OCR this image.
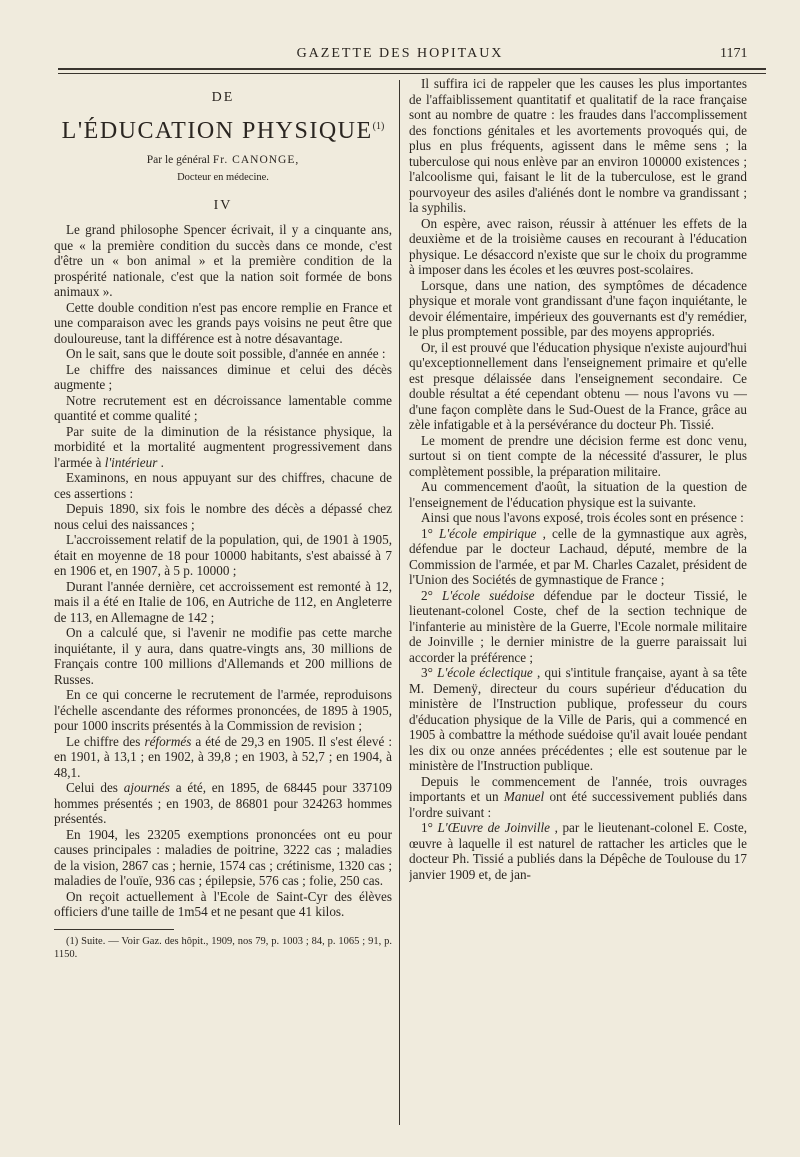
GAZETTE DES HOPITAUX	1171
DE
L'ÉDUCATION PHYSIQUE$^{(1)}$
Par le général Fr. CANONGE,
Docteur en médecine.
IV

Le grand philosophe Spencer écrivait, il y a cinquante ans, que « la première condition du succès dans ce monde, c'est d'être un « bon animal » et la première condition de la prospérité nationale, c'est que la nation soit formée de bons animaux ».

Cette double condition n'est pas encore remplie en France et une comparaison avec les grands pays voisins ne peut être que douloureuse, tant la différence est à notre désavantage.

On le sait, sans que le doute soit possible, d'année en année :

Le chiffre des naissances diminue et celui des décès augmente ;

Notre recrutement est en décroissance lamentable comme quantité et comme qualité ;

Par suite de la diminution de la résistance physique, la morbidité et la mortalité augmentent progressivement dans l'armée à l'intérieur .

Examinons, en nous appuyant sur des chiffres, chacune de ces assertions :

Depuis 1890, six fois le nombre des décès a dépassé chez nous celui des naissances ;

L'accroissement relatif de la population, qui, de 1901 à 1905, était en moyenne de 18 pour 10000 habitants, s'est abaissé à 7 en 1906 et, en 1907, à 5 p. 10000 ;

Durant l'année dernière, cet accroissement est remonté à 12, mais il a été en Italie de 106, en Autriche de 112, en Angleterre de 113, en Allemagne de 142 ;

On a calculé que, si l'avenir ne modifie pas cette marche inquiétante, il y aura, dans quatre-vingts ans, 30 millions de Français contre 100 millions d'Allemands et 200 millions de Russes.

En ce qui concerne le recrutement de l'armée, reproduisons l'échelle ascendante des réformes prononcées, de 1895 à 1905, pour 1000 inscrits présentés à la Commission de revision ;

Le chiffre des réformés a été de 29,3 en 1905. Il s'est élevé : en 1901, à 13,1 ; en 1902, à 39,8 ; en 1903, à 52,7 ; en 1904, à 48,1.

Celui des ajournés a été, en 1895, de 68445 pour 337109 hommes présentés ; en 1903, de 86801 pour 324263 hommes présentés.

En 1904, les 23205 exemptions prononcées ont eu pour causes principales : maladies de poitrine, 3222 cas ; maladies de la vision, 2867 cas ; hernie, 1574 cas ; crétinisme, 1320 cas ; maladies de l'ouïe, 936 cas ; épilepsie, 576 cas ; folie, 250 cas.

On reçoit actuellement à l'Ecole de Saint-Cyr des élèves officiers d'une taille de 1m54 et ne pesant que 41 kilos.

(1) Suite. — Voir Gaz. des hôpit., 1909, nos 79, p. 1003 ; 84, p. 1065 ; 91, p. 1150.

Il suffira ici de rappeler que les causes les plus importantes de l'affaiblissement quantitatif et qualitatif de la race française sont au nombre de quatre : les fraudes dans l'accomplissement des fonctions génitales et les avortements provoqués qui, de plus en plus fréquents, agissent dans le même sens ; la tuberculose qui nous enlève par an environ 100000 existences ; l'alcoolisme qui, faisant le lit de la tuberculose, est le grand pourvoyeur des asiles d'aliénés dont le nombre va grandissant ; la syphilis.

On espère, avec raison, réussir à atténuer les effets de la deuxième et de la troisième causes en recourant à l'éducation physique. Le désaccord n'existe que sur le choix du programme à imposer dans les écoles et les œuvres post-scolaires.

Lorsque, dans une nation, des symptômes de décadence physique et morale vont grandissant d'une façon inquiétante, le devoir élémentaire, impérieux des gouvernants est d'y remédier, le plus promptement possible, par des moyens appropriés.

Or, il est prouvé que l'éducation physique n'existe aujourd'hui qu'exceptionnellement dans l'enseignement primaire et qu'elle est presque délaissée dans l'enseignement secondaire. Ce double résultat a été cependant obtenu — nous l'avons vu — d'une façon complète dans le Sud-Ouest de la France, grâce au zèle infatigable et à la persévérance du docteur Ph. Tissié.

Le moment de prendre une décision ferme est donc venu, surtout si on tient compte de la nécessité d'assurer, le plus complètement possible, la préparation militaire.

Au commencement d'août, la situation de la question de l'enseignement de l'éducation physique est la suivante.

Ainsi que nous l'avons exposé, trois écoles sont en présence :

1° L'école empirique , celle de la gymnastique aux agrès, défendue par le docteur Lachaud, député, membre de la Commission de l'armée, et par M. Charles Cazalet, président de l'Union des Sociétés de gymnastique de France ;

2° L'école suédoise défendue par le docteur Tissié, le lieutenant-colonel Coste, chef de la section technique de l'infanterie au ministère de la Guerre, l'Ecole normale militaire de Joinville ; le dernier ministre de la guerre paraissait lui accorder la préférence ;

3° L'école éclectique , qui s'intitule française, ayant à sa tête M. Demenÿ, directeur du cours supérieur d'éducation du ministère de l'Instruction publique, professeur du cours d'éducation physique de la Ville de Paris, qui a commencé en 1905 à combattre la méthode suédoise qu'il avait louée pendant les dix ou onze années précédentes ; elle est soutenue par le ministère de l'Instruction publique.

Depuis le commencement de l'année, trois ouvrages importants et un Manuel ont été successivement publiés dans l'ordre suivant :

1° L'Œuvre de Joinville , par le lieutenant-colonel E. Coste, œuvre à laquelle il est naturel de rattacher les articles que le docteur Ph. Tissié a publiés dans la Dépêche de Toulouse du 17 janvier 1909 et, de jan-
